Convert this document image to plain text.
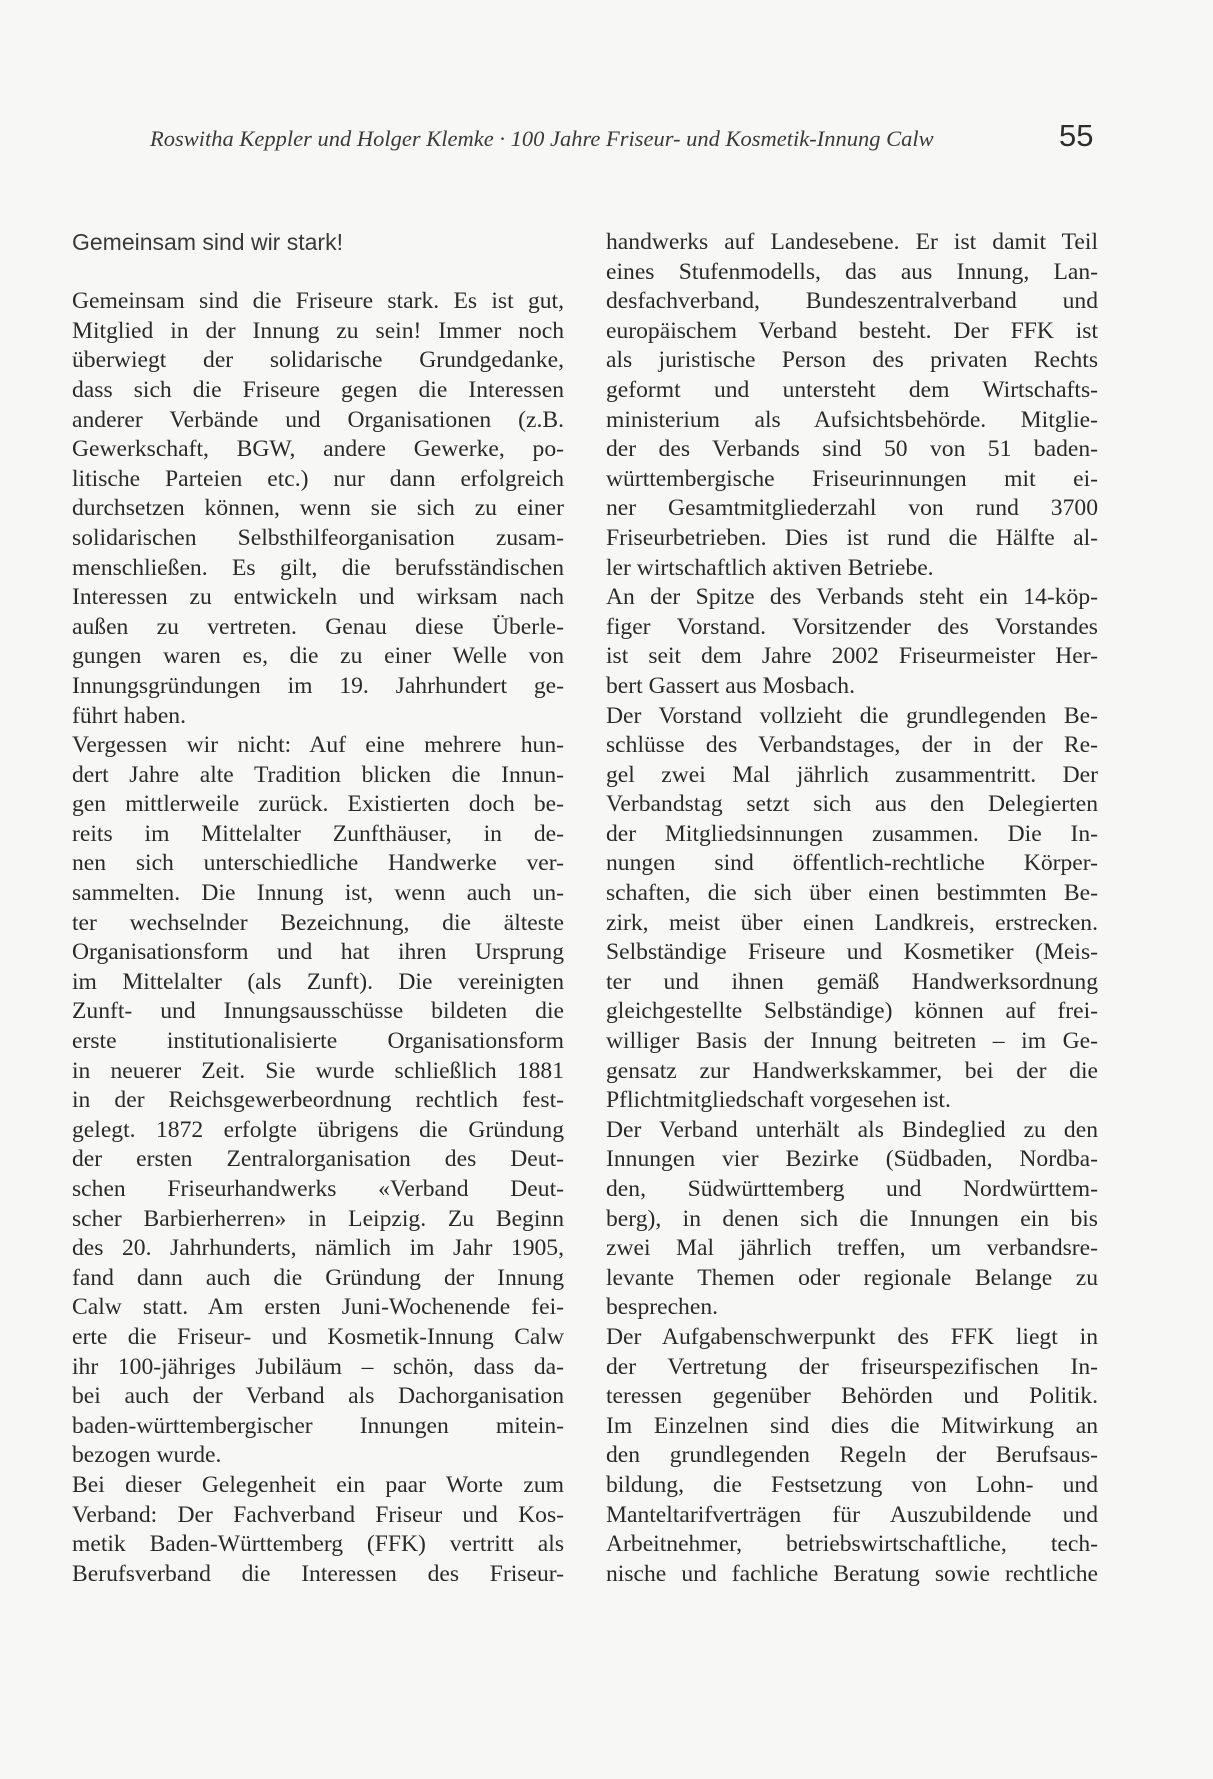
Roswitha Keppler und Holger Klemke · 100 Jahre Friseur- und Kosmetik-Innung Calw	55
Gemeinsam sind wir stark!
Gemeinsam sind die Friseure stark. Es ist gut,
Mitglied in der Innung zu sein! Immer noch
überwiegt der solidarische Grundgedanke,
dass sich die Friseure gegen die Interessen
anderer Verbände und Organisationen (z.B.
Gewerkschaft, BGW, andere Gewerke, po-
litische Parteien etc.) nur dann erfolgreich
durchsetzen können, wenn sie sich zu einer
solidarischen Selbsthilfeorganisation zusam-
menschließen. Es gilt, die berufsständischen
Interessen zu entwickeln und wirksam nach
außen zu vertreten. Genau diese Überle-
gungen waren es, die zu einer Welle von
Innungsgründungen im 19. Jahrhundert ge-
führt haben.
Vergessen wir nicht: Auf eine mehrere hun-
dert Jahre alte Tradition blicken die Innun-
gen mittlerweile zurück. Existierten doch be-
reits im Mittelalter Zunfthäuser, in de-
nen sich unterschiedliche Handwerke ver-
sammelten. Die Innung ist, wenn auch un-
ter wechselnder Bezeichnung, die älteste
Organisationsform und hat ihren Ursprung
im Mittelalter (als Zunft). Die vereinigten
Zunft- und Innungsausschüsse bildeten die
erste institutionalisierte Organisationsform
in neuerer Zeit. Sie wurde schließlich 1881
in der Reichsgewerbeordnung rechtlich fest-
gelegt. 1872 erfolgte übrigens die Gründung
der ersten Zentralorganisation des Deut-
schen Friseurhandwerks «Verband Deut-
scher Barbierherren» in Leipzig. Zu Beginn
des 20. Jahrhunderts, nämlich im Jahr 1905,
fand dann auch die Gründung der Innung
Calw statt. Am ersten Juni-Wochenende fei-
erte die Friseur- und Kosmetik-Innung Calw
ihr 100-jähriges Jubiläum – schön, dass da-
bei auch der Verband als Dachorganisation
baden-württembergischer Innungen mitein-
bezogen wurde.
Bei dieser Gelegenheit ein paar Worte zum
Verband: Der Fachverband Friseur und Kos-
metik Baden-Württemberg (FFK) vertritt als
Berufsverband die Interessen des Friseur-
handwerks auf Landesebene. Er ist damit Teil
eines Stufenmodells, das aus Innung, Lan-
desfachverband, Bundeszentralverband und
europäischem Verband besteht. Der FFK ist
als juristische Person des privaten Rechts
geformt und untersteht dem Wirtschafts-
ministerium als Aufsichtsbehörde. Mitglie-
der des Verbands sind 50 von 51 baden-
württembergische Friseurinnungen mit ei-
ner Gesamtmitgliederzahl von rund 3700
Friseurbetrieben. Dies ist rund die Hälfte al-
ler wirtschaftlich aktiven Betriebe.
An der Spitze des Verbands steht ein 14-köp-
figer Vorstand. Vorsitzender des Vorstandes
ist seit dem Jahre 2002 Friseurmeister Her-
bert Gassert aus Mosbach.
Der Vorstand vollzieht die grundlegenden Be-
schlüsse des Verbandstages, der in der Re-
gel zwei Mal jährlich zusammentritt. Der
Verbandstag setzt sich aus den Delegierten
der Mitgliedsinnungen zusammen. Die In-
nungen sind öffentlich-rechtliche Körper-
schaften, die sich über einen bestimmten Be-
zirk, meist über einen Landkreis, erstrecken.
Selbständige Friseure und Kosmetiker (Meis-
ter und ihnen gemäß Handwerksordnung
gleichgestellte Selbständige) können auf frei-
williger Basis der Innung beitreten – im Ge-
gensatz zur Handwerkskammer, bei der die
Pflichtmitgliedschaft vorgesehen ist.
Der Verband unterhält als Bindeglied zu den
Innungen vier Bezirke (Südbaden, Nordba-
den, Südwürttemberg und Nordwürttem-
berg), in denen sich die Innungen ein bis
zwei Mal jährlich treffen, um verbandsre-
levante Themen oder regionale Belange zu
besprechen.
Der Aufgabenschwerpunkt des FFK liegt in
der Vertretung der friseurspezifischen In-
teressen gegenüber Behörden und Politik.
Im Einzelnen sind dies die Mitwirkung an
den grundlegenden Regeln der Berufsaus-
bildung, die Festsetzung von Lohn- und
Manteltarifverträgen für Auszubildende und
Arbeitnehmer, betriebswirtschaftliche, tech-
nische und fachliche Beratung sowie rechtliche
